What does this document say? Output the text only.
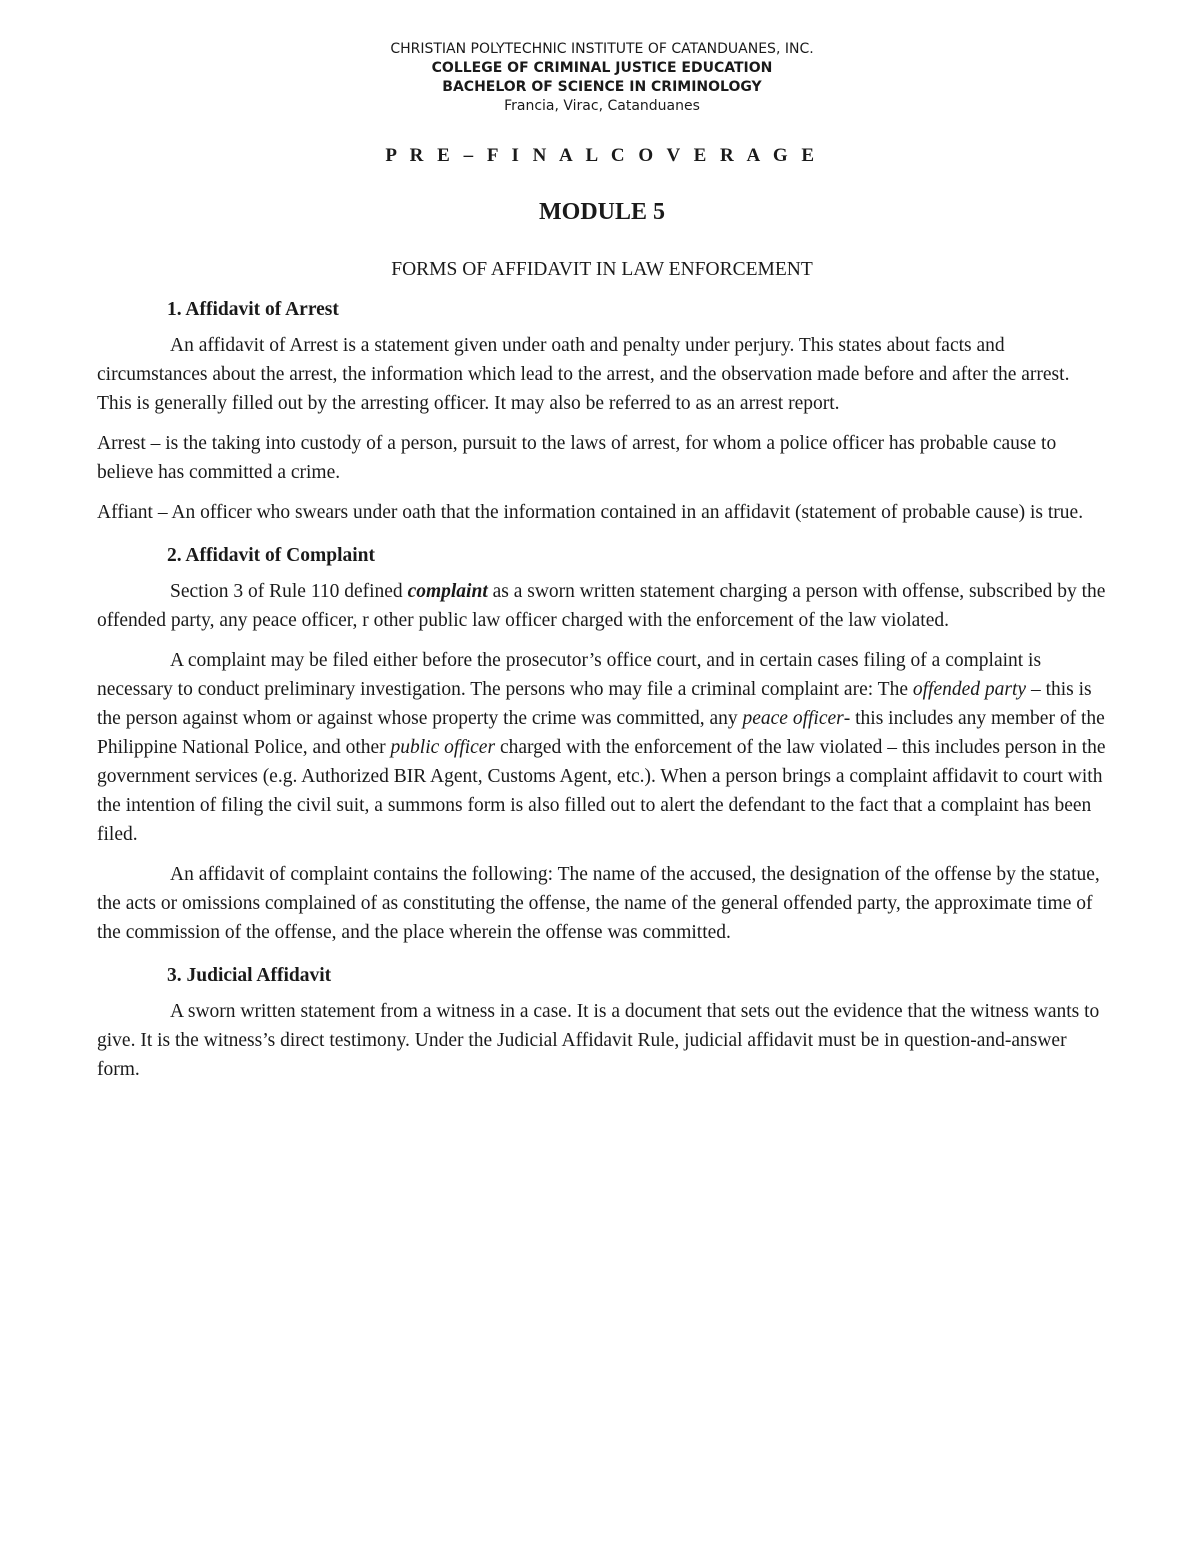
CHRISTIAN POLYTECHNIC INSTITUTE OF CATANDUANES, INC.
COLLEGE OF CRIMINAL JUSTICE EDUCATION
BACHELOR OF SCIENCE IN CRIMINOLOGY
Francia, Virac, Catanduanes
P R E – F I N A L C O V E R A G E
MODULE 5
FORMS OF AFFIDAVIT IN LAW ENFORCEMENT
1. Affidavit of Arrest

An affidavit of Arrest is a statement given under oath and penalty under perjury. This states about facts and circumstances about the arrest, the information which lead to the arrest, and the observation made before and after the arrest. This is generally filled out by the arresting officer. It may also be referred to as an arrest report.

Arrest – is the taking into custody of a person, pursuit to the laws of arrest, for whom a police officer has probable cause to believe has committed a crime.

Affiant – An officer who swears under oath that the information contained in an affidavit (statement of probable cause) is true.

2. Affidavit of Complaint

Section 3 of Rule 110 defined complaint as a sworn written statement charging a person with offense, subscribed by the offended party, any peace officer, r other public law officer charged with the enforcement of the law violated.

A complaint may be filed either before the prosecutor’s office court, and in certain cases filing of a complaint is necessary to conduct preliminary investigation. The persons who may file a criminal complaint are: The offended party – this is the person against whom or against whose property the crime was committed, any peace officer- this includes any member of the Philippine National Police, and other public officer charged with the enforcement of the law violated – this includes person in the government services (e.g. Authorized BIR Agent, Customs Agent, etc.). When a person brings a complaint affidavit to court with the intention of filing the civil suit, a summons form is also filled out to alert the defendant to the fact that a complaint has been filed.

An affidavit of complaint contains the following: The name of the accused, the designation of the offense by the statue, the acts or omissions complained of as constituting the offense, the name of the general offended party, the approximate time of the commission of the offense, and the place wherein the offense was committed.

3. Judicial Affidavit

A sworn written statement from a witness in a case. It is a document that sets out the evidence that the witness wants to give. It is the witness’s direct testimony. Under the Judicial Affidavit Rule, judicial affidavit must be in question-and-answer form.
